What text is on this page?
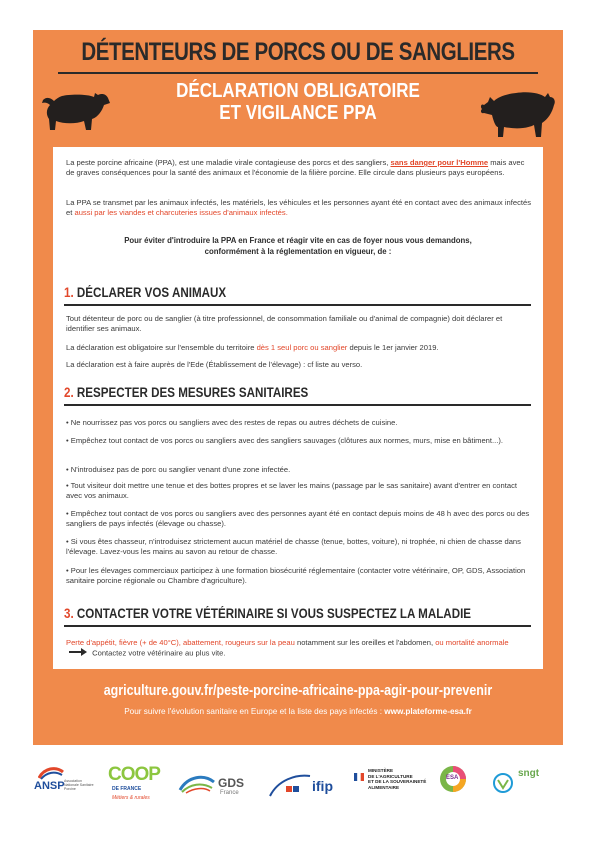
DÉTENTEURS DE PORCS OU DE SANGLIERS
DÉCLARATION OBLIGATOIRE
ET VIGILANCE PPA
La peste porcine africaine (PPA), est une maladie virale contagieuse des porcs et des sangliers, sans danger pour l'Homme mais avec de graves conséquences pour la santé des animaux et l'économie de la filière porcine. Elle circule dans plusieurs pays européens.
La PPA se transmet par les animaux infectés, les matériels, les véhicules et les personnes ayant été en contact avec des animaux infectés et aussi par les viandes et charcuteries issues d'animaux infectés.
Pour éviter d'introduire la PPA en France et réagir vite en cas de foyer nous vous demandons,
conformément à la réglementation en vigueur, de :
1. DÉCLARER VOS ANIMAUX
Tout détenteur de porc ou de sanglier (à titre professionnel, de consommation familiale ou d'animal de compagnie) doit déclarer et identifier ses animaux.
La déclaration est obligatoire sur l'ensemble du territoire dès 1 seul porc ou sanglier depuis le 1er janvier 2019.
La déclaration est à faire auprès de l'Ede (Établissement de l'élevage) : cf liste au verso.
2. RESPECTER DES MESURES SANITAIRES
• Ne nourrissez pas vos porcs ou sangliers avec des restes de repas ou autres déchets de cuisine.
• Empêchez tout contact de vos porcs ou sangliers avec des sangliers sauvages (clôtures aux normes, murs, mise en bâtiment...).
• N'introduisez pas de porc ou sanglier venant d'une zone infectée.
• Tout visiteur doit mettre une tenue et des bottes propres et se laver les mains (passage par le sas sanitaire) avant d'entrer en contact avec vos animaux.
• Empêchez tout contact de vos porcs ou sangliers avec des personnes ayant été en contact depuis moins de 48 h avec des porcs ou des sangliers de pays infectés (élevage ou chasse).
• Si vous êtes chasseur, n'introduisez strictement aucun matériel de chasse (tenue, bottes, voiture), ni trophée, ni chien de chasse dans l'élevage. Lavez-vous les mains au savon au retour de chasse.
• Pour les élevages commerciaux participez à une formation biosécurité réglementaire (contacter votre vétérinaire, OP, GDS, Association sanitaire porcine régionale ou Chambre d'agriculture).
3. CONTACTER VOTRE VÉTÉRINAIRE SI VOUS SUSPECTEZ LA MALADIE
Perte d'appétit, fièvre (+ de 40°C), abattement, rougeurs sur la peau notamment sur les oreilles et l'abdomen, ou mortalité anormale  Contactez votre vétérinaire au plus vite.
agriculture.gouv.fr/peste-porcine-africaine-ppa-agir-pour-prevenir
Pour suivre l'évolution sanitaire en Europe et la liste des pays infectés : www.plateforme-esa.fr
ANSP Association Nationale Sanitaire Porcine
COOP
DE FRANCE
Métiers & rurales
GDS
France	ifip
MINISTÈRE
DE L'AGRICULTURE
ET DE LA SOUVERAINETÉ
ALIMENTAIRE
ESA	sngt
